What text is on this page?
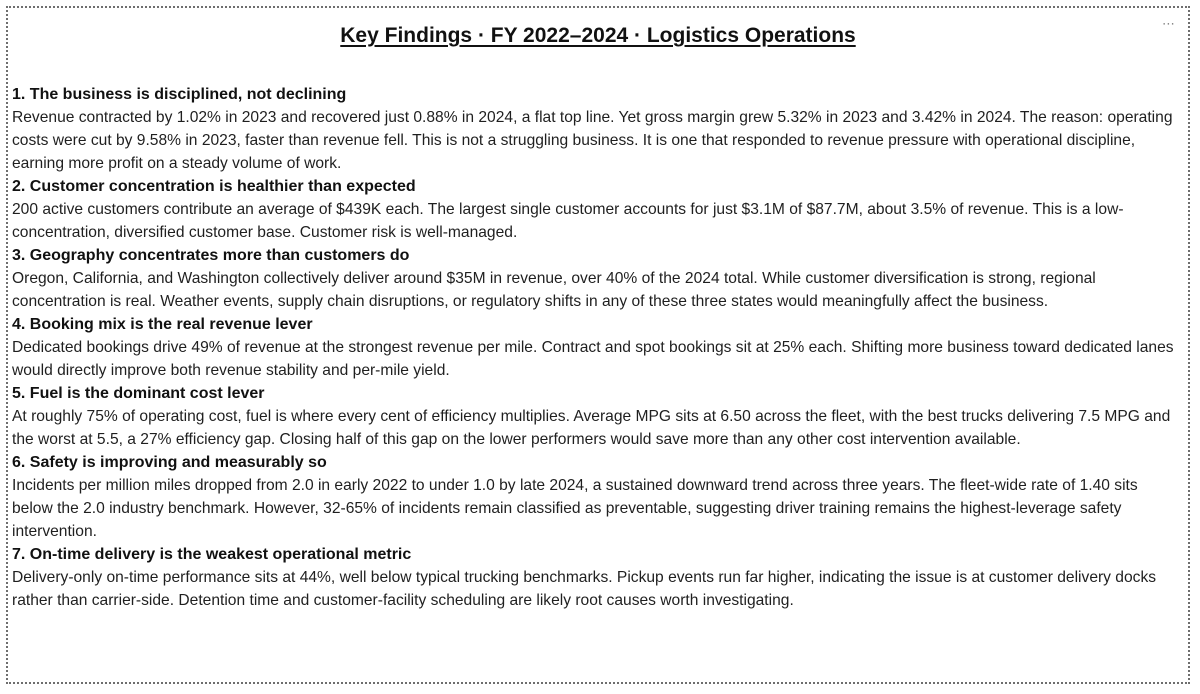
⋯
Key Findings · FY 2022–2024 · Logistics Operations

1. The business is disciplined, not declining

Revenue contracted by 1.02% in 2023 and recovered just 0.88% in 2024, a flat top line. Yet gross margin grew 5.32% in 2023 and 3.42% in 2024. The reason: operating costs were cut by 9.58% in 2023, faster than revenue fell. This is not a struggling business. It is one that responded to revenue pressure with operational discipline, earning more profit on a steady volume of work.

2. Customer concentration is healthier than expected

200 active customers contribute an average of $439K each. The largest single customer accounts for just $3.1M of $87.7M, about 3.5% of revenue. This is a low-concentration, diversified customer base. Customer risk is well-managed.

3. Geography concentrates more than customers do

Oregon, California, and Washington collectively deliver around $35M in revenue, over 40% of the 2024 total. While customer diversification is strong, regional concentration is real. Weather events, supply chain disruptions, or regulatory shifts in any of these three states would meaningfully affect the business.

4. Booking mix is the real revenue lever

Dedicated bookings drive 49% of revenue at the strongest revenue per mile. Contract and spot bookings sit at 25% each. Shifting more business toward dedicated lanes would directly improve both revenue stability and per-mile yield.

5. Fuel is the dominant cost lever

At roughly 75% of operating cost, fuel is where every cent of efficiency multiplies. Average MPG sits at 6.50 across the fleet, with the best trucks delivering 7.5 MPG and the worst at 5.5, a 27% efficiency gap. Closing half of this gap on the lower performers would save more than any other cost intervention available.

6. Safety is improving and measurably so

Incidents per million miles dropped from 2.0 in early 2022 to under 1.0 by late 2024, a sustained downward trend across three years. The fleet-wide rate of 1.40 sits below the 2.0 industry benchmark. However, 32-65% of incidents remain classified as preventable, suggesting driver training remains the highest-leverage safety intervention.

7. On-time delivery is the weakest operational metric

Delivery-only on-time performance sits at 44%, well below typical trucking benchmarks. Pickup events run far higher, indicating the issue is at customer delivery docks rather than carrier-side. Detention time and customer-facility scheduling are likely root causes worth investigating.
